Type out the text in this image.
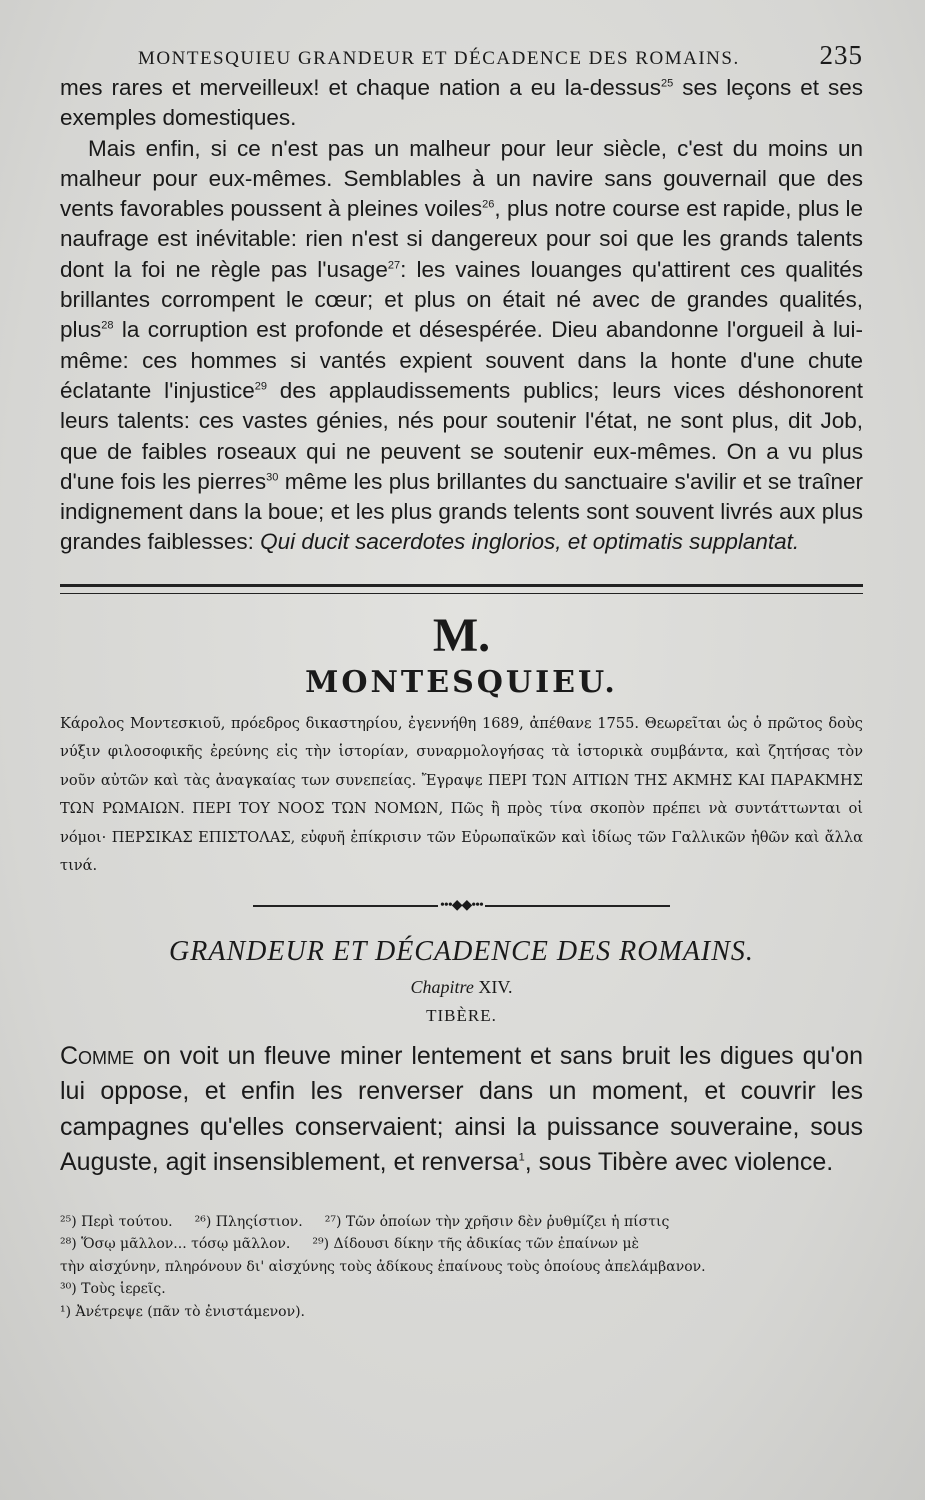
MONTESQUIEU GRANDEUR ET DÉCADENCE DES ROMAINS.	235

mes rares et merveilleux! et chaque nation a eu la-dessus$^{25}$ ses leçons et ses exemples domestiques.

Mais enfin, si ce n'est pas un malheur pour leur siècle, c'est du moins un malheur pour eux-mêmes. Semblables à un navire sans gouvernail que des vents favorables poussent à pleines voiles$^{26}$, plus notre course est rapide, plus le naufrage est inévitable: rien n'est si dangereux pour soi que les grands talents dont la foi ne règle pas l'usage$^{27}$: les vaines louanges qu'attirent ces qualités brillantes corrompent le cœur; et plus on était né avec de grandes qualités, plus$^{28}$ la corruption est profonde et désespérée. Dieu abandonne l'orgueil à lui-même: ces hommes si vantés expient souvent dans la honte d'une chute éclatante l'injustice$^{29}$ des applaudissements publics; leurs vices déshonorent leurs talents: ces vastes génies, nés pour soutenir l'état, ne sont plus, dit Job, que de faibles roseaux qui ne peuvent se soutenir eux-mêmes. On a vu plus d'une fois les pierres$^{30}$ même les plus brillantes du sanctuaire s'avilir et se traîner indignement dans la boue; et les plus grands telents sont souvent livrés aux plus grandes faiblesses: Qui ducit sacerdotes inglorios, et optimatis supplantat.

M.
MONTESQUIEU.
Κάρολος Μοντεσκιοῦ, πρόεδρος δικαστηρίου, ἐγεννήθη 1689, ἀπέθανε 1755. Θεωρεῖται ὡς ὁ πρῶτος δοὺς νύξιν φιλοσοφικῆς ἐρεύνης εἰς τὴν ἱστορίαν, συναρμολογήσας τὰ ἱστορικὰ συμβάντα, καὶ ζητήσας τὸν νοῦν αὐτῶν καὶ τὰς ἀναγκαίας των συνεπείας. Ἔγραψε ΠΕΡΙ ΤΩΝ ΑΙΤΙΩΝ ΤΗΣ ΑΚΜΗΣ ΚΑΙ ΠΑΡΑΚΜΗΣ ΤΩΝ ΡΩΜΑΙΩΝ. ΠΕΡΙ ΤΟΥ ΝΟΟΣ ΤΩΝ ΝΟΜΩΝ, Πῶς ἢ πρὸς τίνα σκοπὸν πρέπει νὰ συντάττωνται οἱ νόμοι· ΠΕΡΣΙΚΑΣ ΕΠΙΣΤΟΛΑΣ, εὐφυῆ ἐπίκρισιν τῶν Εὐρωπαϊκῶν καὶ ἰδίως τῶν Γαλλικῶν ἠθῶν καὶ ἄλλα τινά.
•••◆◆•••
GRANDEUR ET DÉCADENCE DES ROMAINS.
Chapitre XIV.
TIBÈRE.
Comme on voit un fleuve miner lentement et sans bruit les digues qu'on lui oppose, et enfin les renverser dans un moment, et couvrir les campagnes qu'elles conservaient; ainsi la puissance souveraine, sous Auguste, agit insensiblement, et renversa$^1$, sous Tibère avec violence.
²⁵) Περὶ τούτου. ²⁶) Πληςίστιον. ²⁷) Τῶν ὁποίων τὴν χρῆσιν δὲν ῥυθμίζει ἡ πίστις
²⁸) Ὅσῳ μᾶλλον... τόσῳ μᾶλλον. ²⁹) Δίδουσι δίκην τῆς ἀδικίας τῶν ἐπαίνων μὲ
τὴν αἰσχύνην, πληρόνουν δι' αἰσχύνης τοὺς ἀδίκους ἐπαίνους τοὺς ὁποίους ἀπελάμβανον.
³⁰) Τοὺς ἱερεῖς.
¹) Ἀνέτρεψε (πᾶν τὸ ἐνιστάμενον).
